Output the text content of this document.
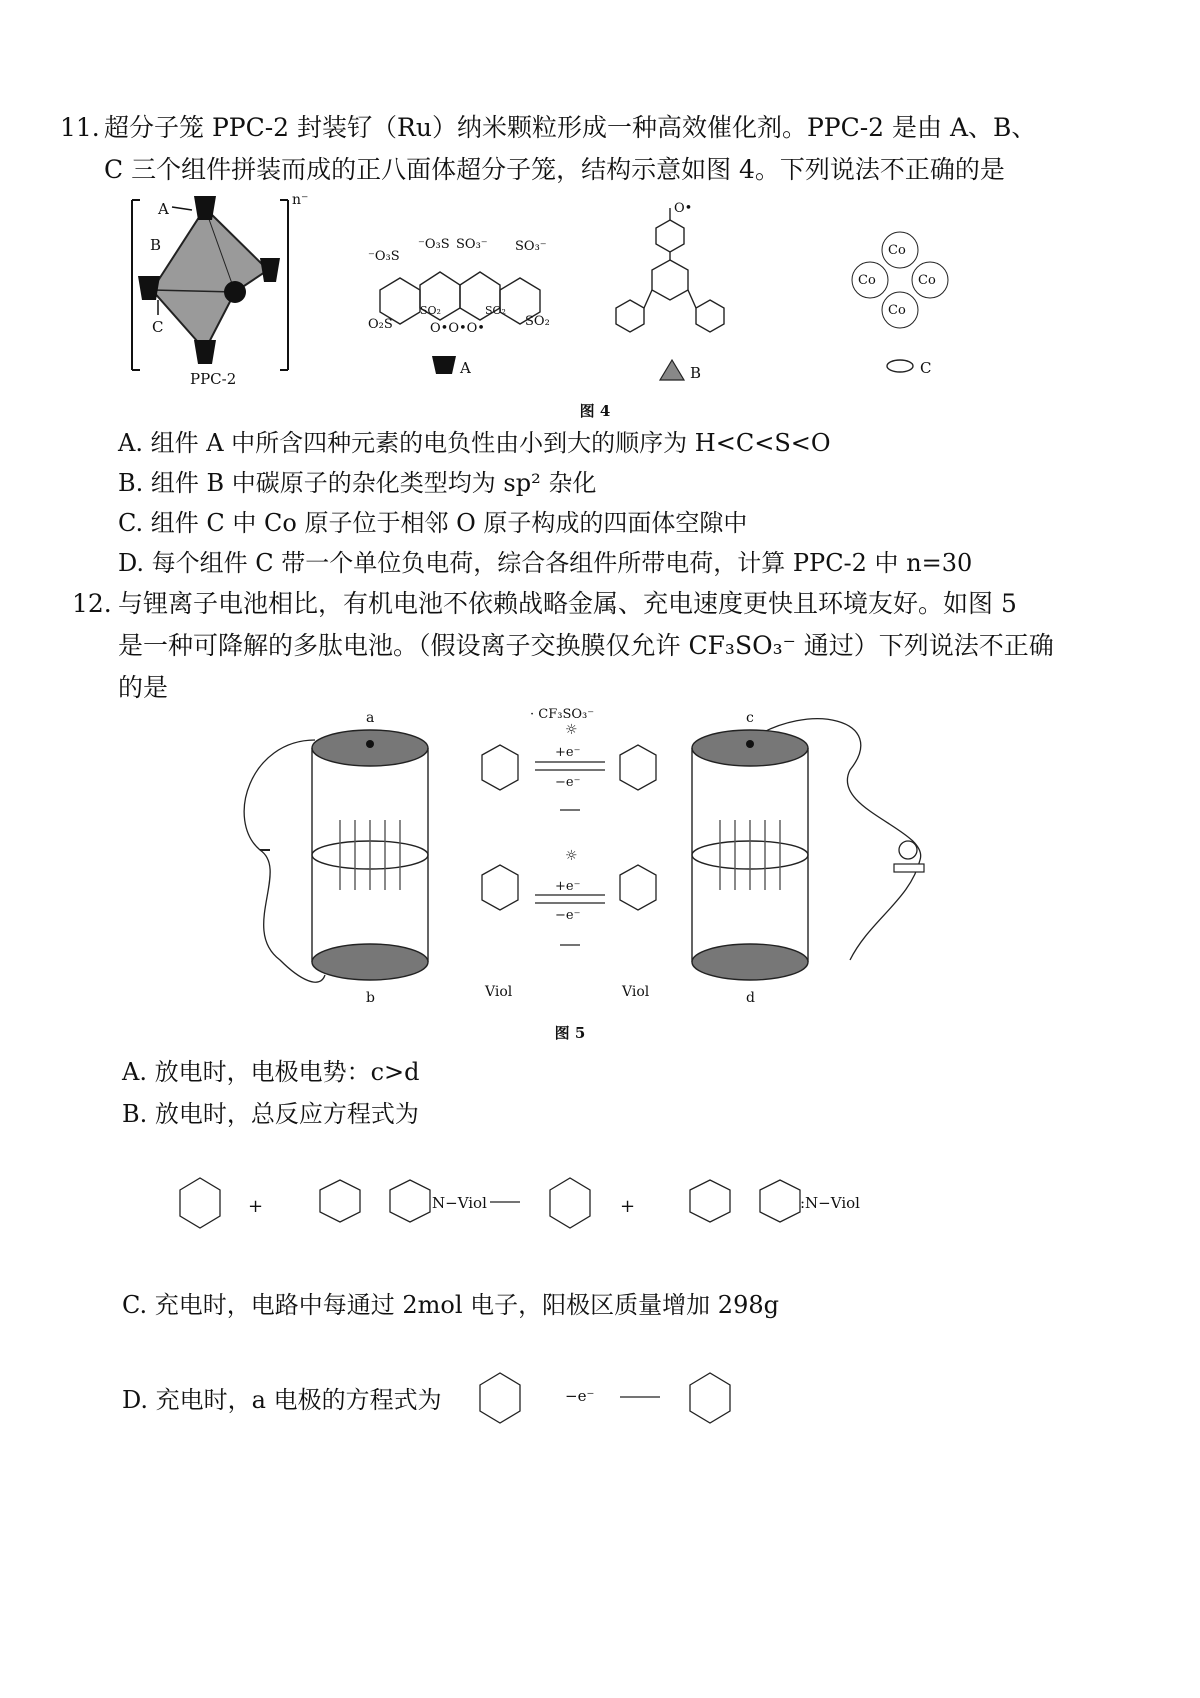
11. 超分子笼 PPC-2 封装钌（Ru）纳米颗粒形成一种高效催化剂。PPC-2 是由 A、B、
C 三个组件拼装而成的正八面体超分子笼，结构示意如图 4。下列说法不正确的是
A
B
C
n⁻
PPC-2
⁻O₃S
⁻O₃S SO₃⁻ SO₃⁻
O₂S
SO₂	SO₂
SO₂
O•O•O•
A
O•
B
Co
Co	Co
Co
C
图 4
A. 组件 A 中所含四种元素的电负性由小到大的顺序为 H<C<S<O
B. 组件 B 中碳原子的杂化类型均为 sp² 杂化
C. 组件 C 中 Co 原子位于相邻 O 原子构成的四面体空隙中
D. 每个组件 C 带一个单位负电荷，综合各组件所带电荷，计算 PPC-2 中 n=30
12. 与锂离子电池相比，有机电池不依赖战略金属、充电速度更快且环境友好。如图 5
是一种可降解的多肽电池。（假设离子交换膜仅允许 CF₃SO₃⁻ 通过）下列说法不正确
的是
a
b
· CF₃SO₃⁻
+e⁻
−e⁻
☼
+e⁻
−e⁻
☼
Viol	Viol
c
d
图 5
A. 放电时，电极电势：c>d
B. 放电时，总反应方程式为
+	N−Viol	+	:N−Viol
C. 充电时，电路中每通过 2mol 电子，阳极区质量增加 298g
D. 充电时，a 电极的方程式为	−e⁻
